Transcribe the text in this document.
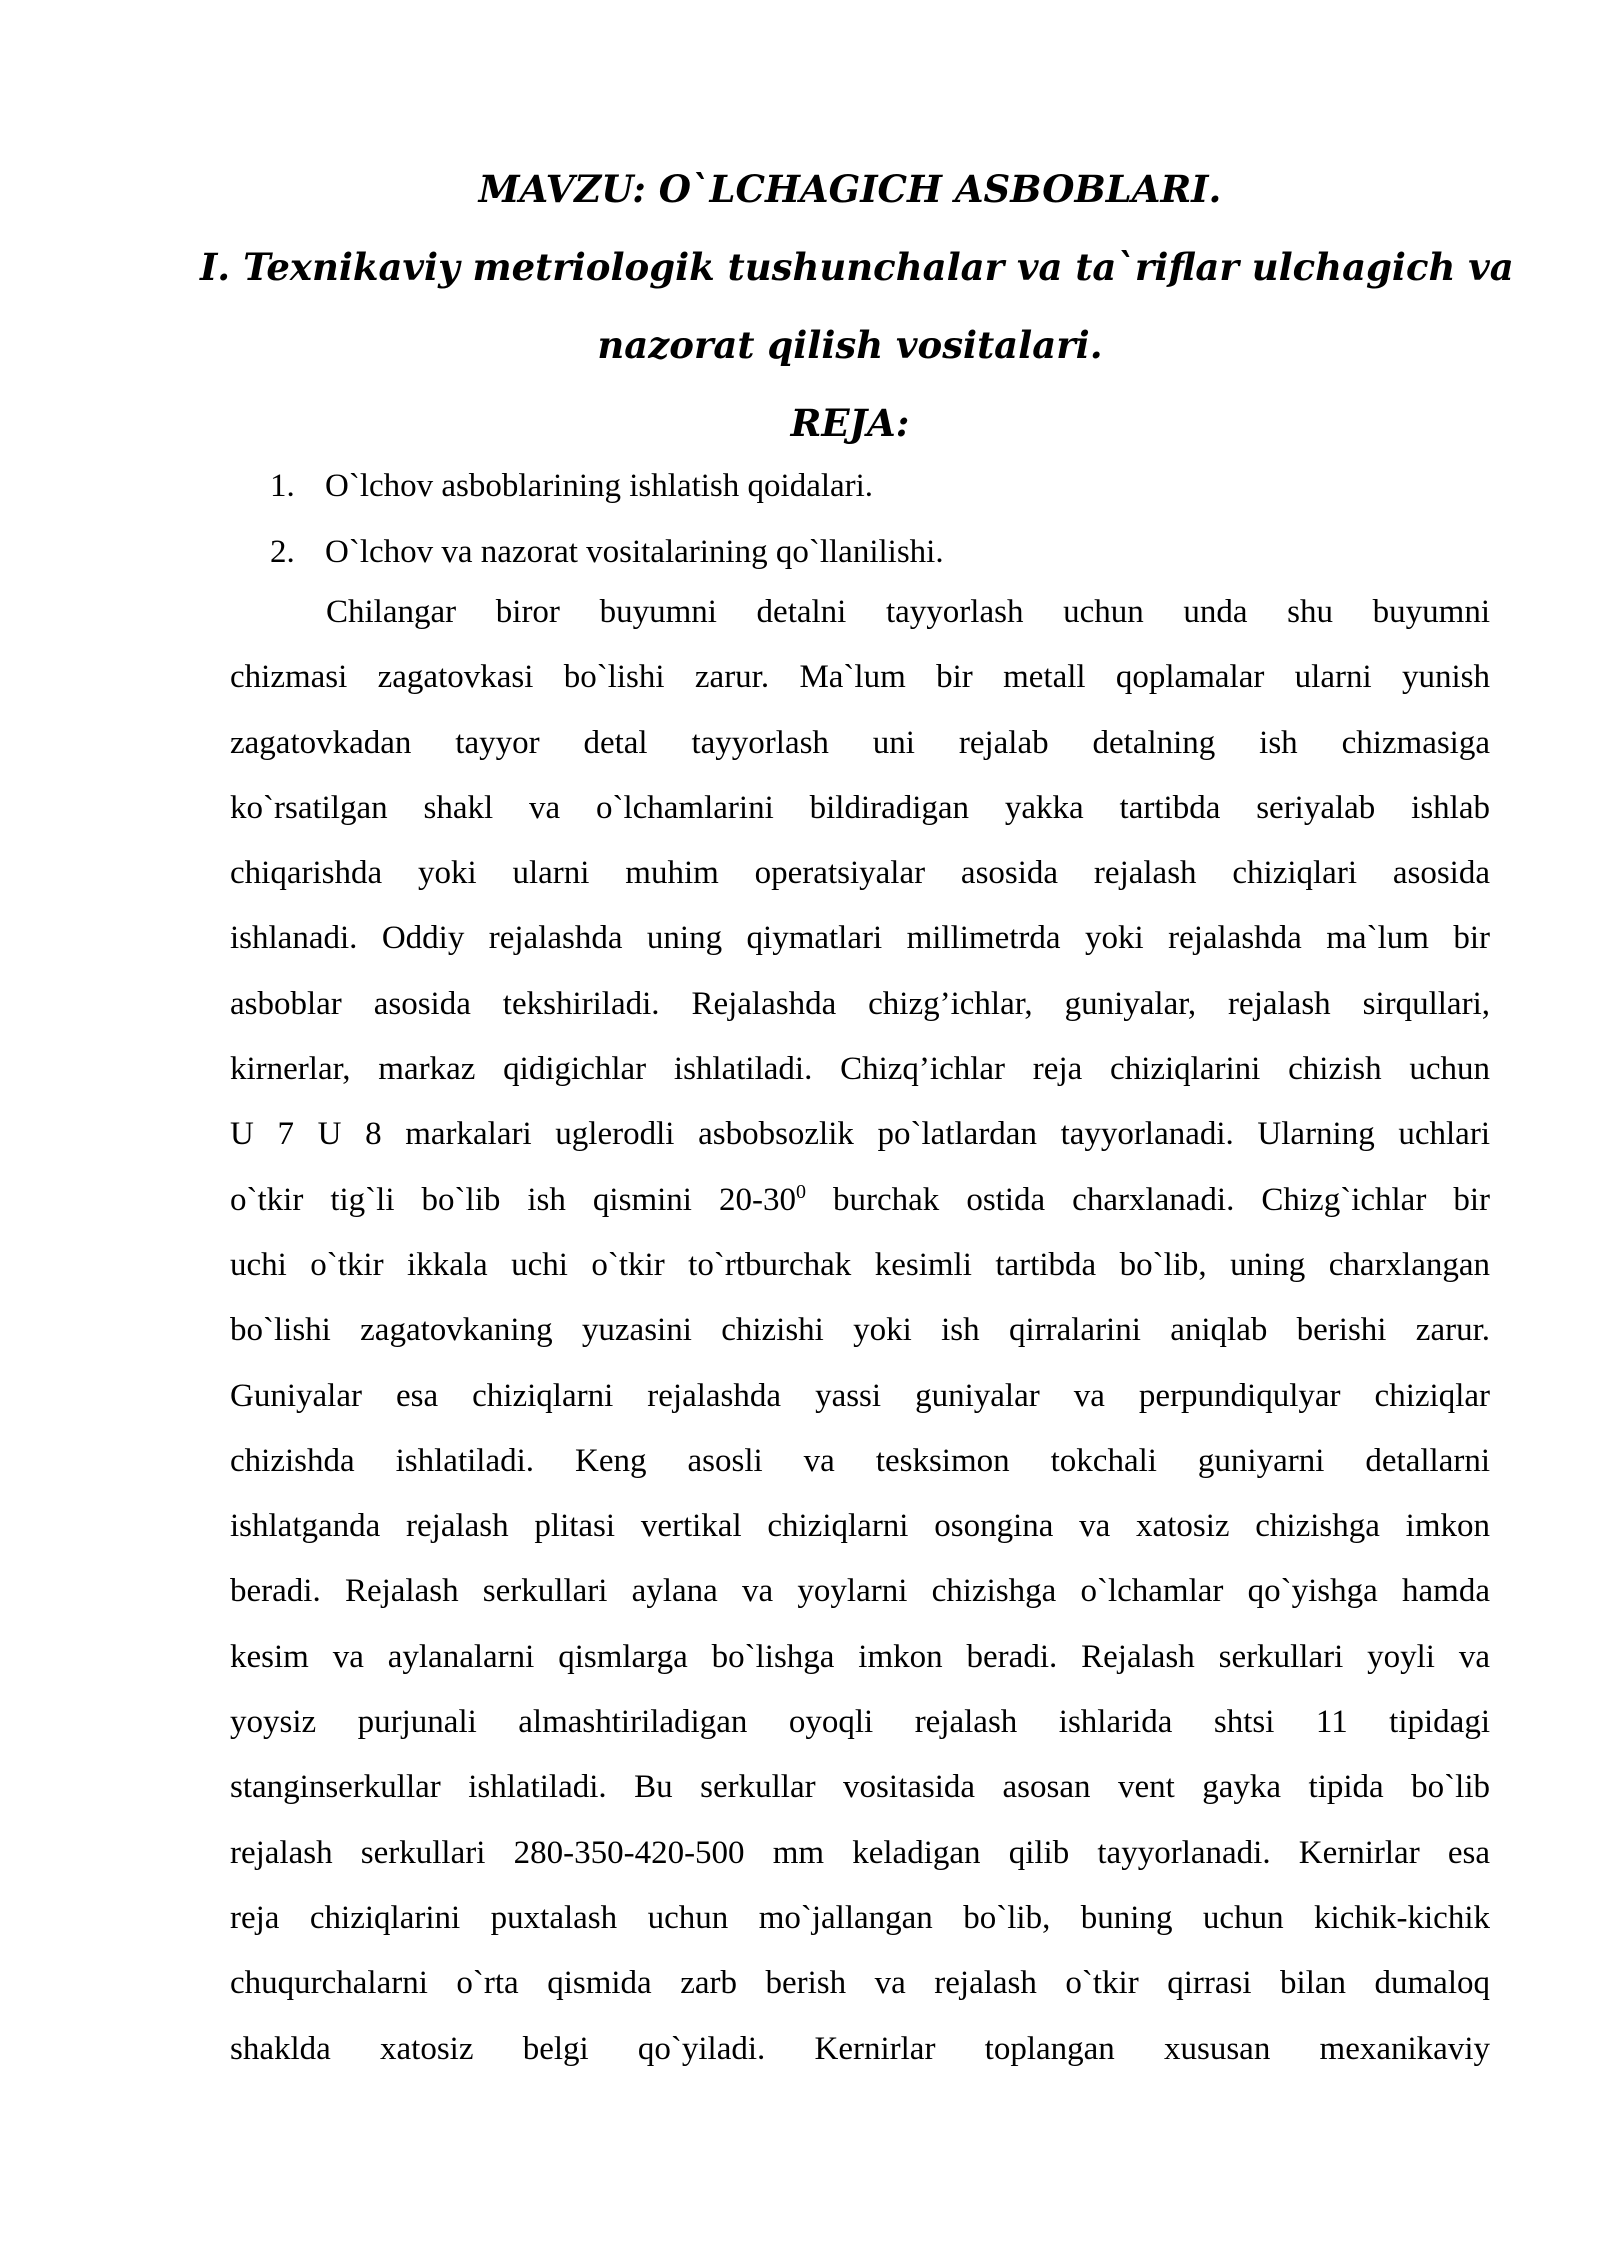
MAVZU: O`LCHAGICH ASBOBLARI.
I. Texnikaviy metriologik tushunchalar va ta`riflar ulchagich va
nazorat qilish vositalari.
REJA:
1. O`lchov asboblarining ishlatish qoidalari.
2. O`lchov va nazorat vositalarining qo`llanilishi.
Chilangar biror buyumni detalni tayyorlash uchun unda shu buyumni
chizmasi zagatovkasi bo`lishi zarur. Ma`lum bir metall qoplamalar ularni yunish
zagatovkadan tayyor detal tayyorlash uni rejalab detalning ish chizmasiga
ko`rsatilgan shakl va o`lchamlarini bildiradigan yakka tartibda seriyalab ishlab
chiqarishda yoki ularni muhim operatsiyalar asosida rejalash chiziqlari asosida
ishlanadi. Oddiy rejalashda uning qiymatlari millimetrda yoki rejalashda ma`lum bir
asboblar asosida tekshiriladi. Rejalashda chizg’ichlar, guniyalar, rejalash sirqullari,
kirnerlar, markaz qidigichlar ishlatiladi. Chizq’ichlar reja chiziqlarini chizish uchun
U 7 U 8 markalari uglerodli asbobsozlik po`latlardan tayyorlanadi. Ularning uchlari
o`tkir tig`li bo`lib ish qismini $20-30^0$ burchak ostida charxlanadi. Chizg`ichlar bir
uchi o`tkir ikkala uchi o`tkir to`rtburchak kesimli tartibda bo`lib, uning charxlangan
bo`lishi zagatovkaning yuzasini chizishi yoki ish qirralarini aniqlab berishi zarur.
Guniyalar esa chiziqlarni rejalashda yassi guniyalar va perpundiqulyar chiziqlar
chizishda ishlatiladi. Keng asosli va tesksimon tokchali guniyarni detallarni
ishlatganda rejalash plitasi vertikal chiziqlarni osongina va xatosiz chizishga imkon
beradi. Rejalash serkullari aylana va yoylarni chizishga o`lchamlar qo`yishga hamda
kesim va aylanalarni qismlarga bo`lishga imkon beradi. Rejalash serkullari yoyli va
yoysiz purjunali almashtiriladigan oyoqli rejalash ishlarida shtsi 11 tipidagi
stanginserkullar ishlatiladi. Bu serkullar vositasida asosan vent gayka tipida bo`lib
rejalash serkullari 280-350-420-500 mm keladigan qilib tayyorlanadi. Kernirlar esa
reja chiziqlarini puxtalash uchun mo`jallangan bo`lib, buning uchun kichik-kichik
chuqurchalarni o`rta qismida zarb berish va rejalash o`tkir qirrasi bilan dumaloq
shaklda xatosiz belgi qo`yiladi. Kernirlar toplangan xususan mexanikaviy
